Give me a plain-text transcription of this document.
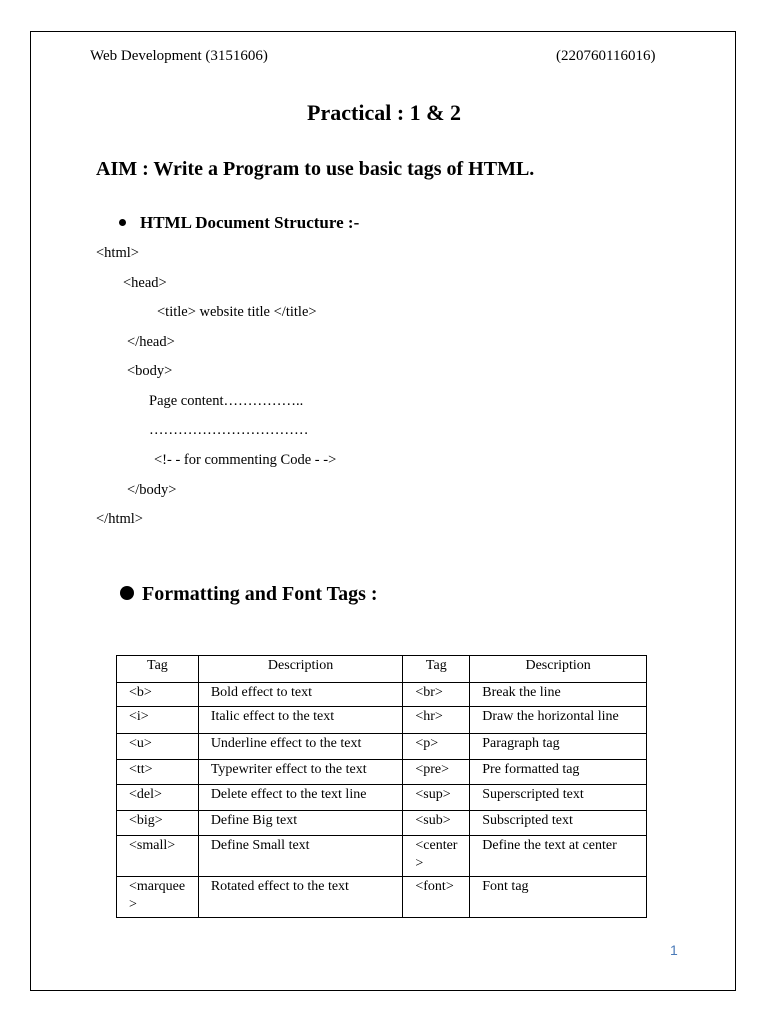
Web Development (3151606)	(220760116016)
Practical : 1 & 2
AIM : Write a Program to use basic tags of HTML.
HTML Document Structure :-
<html>
<head>
<title> website title </title>
</head>
<body>
Page content……………..
……………………………
<!- - for commenting Code - ->
</body>
</html>
Formatting and Font Tags :
Tag	Description	Tag	Description
<b>	Bold effect to text	<br>	Break the line
<i>	Italic effect to the text	<hr>	Draw the horizontal line
<u>	Underline effect to the text	<p>	Paragraph tag
<tt>	Typewriter effect to the text	<pre>	Pre formatted tag
<del>	Delete effect to the text line	<sup>	Superscripted text
<big>	Define Big text	<sub>	Subscripted text
<small>	Define Small text	<center>	Define the text at center
<marquee>	Rotated effect to the text	<font>	Font tag
1
